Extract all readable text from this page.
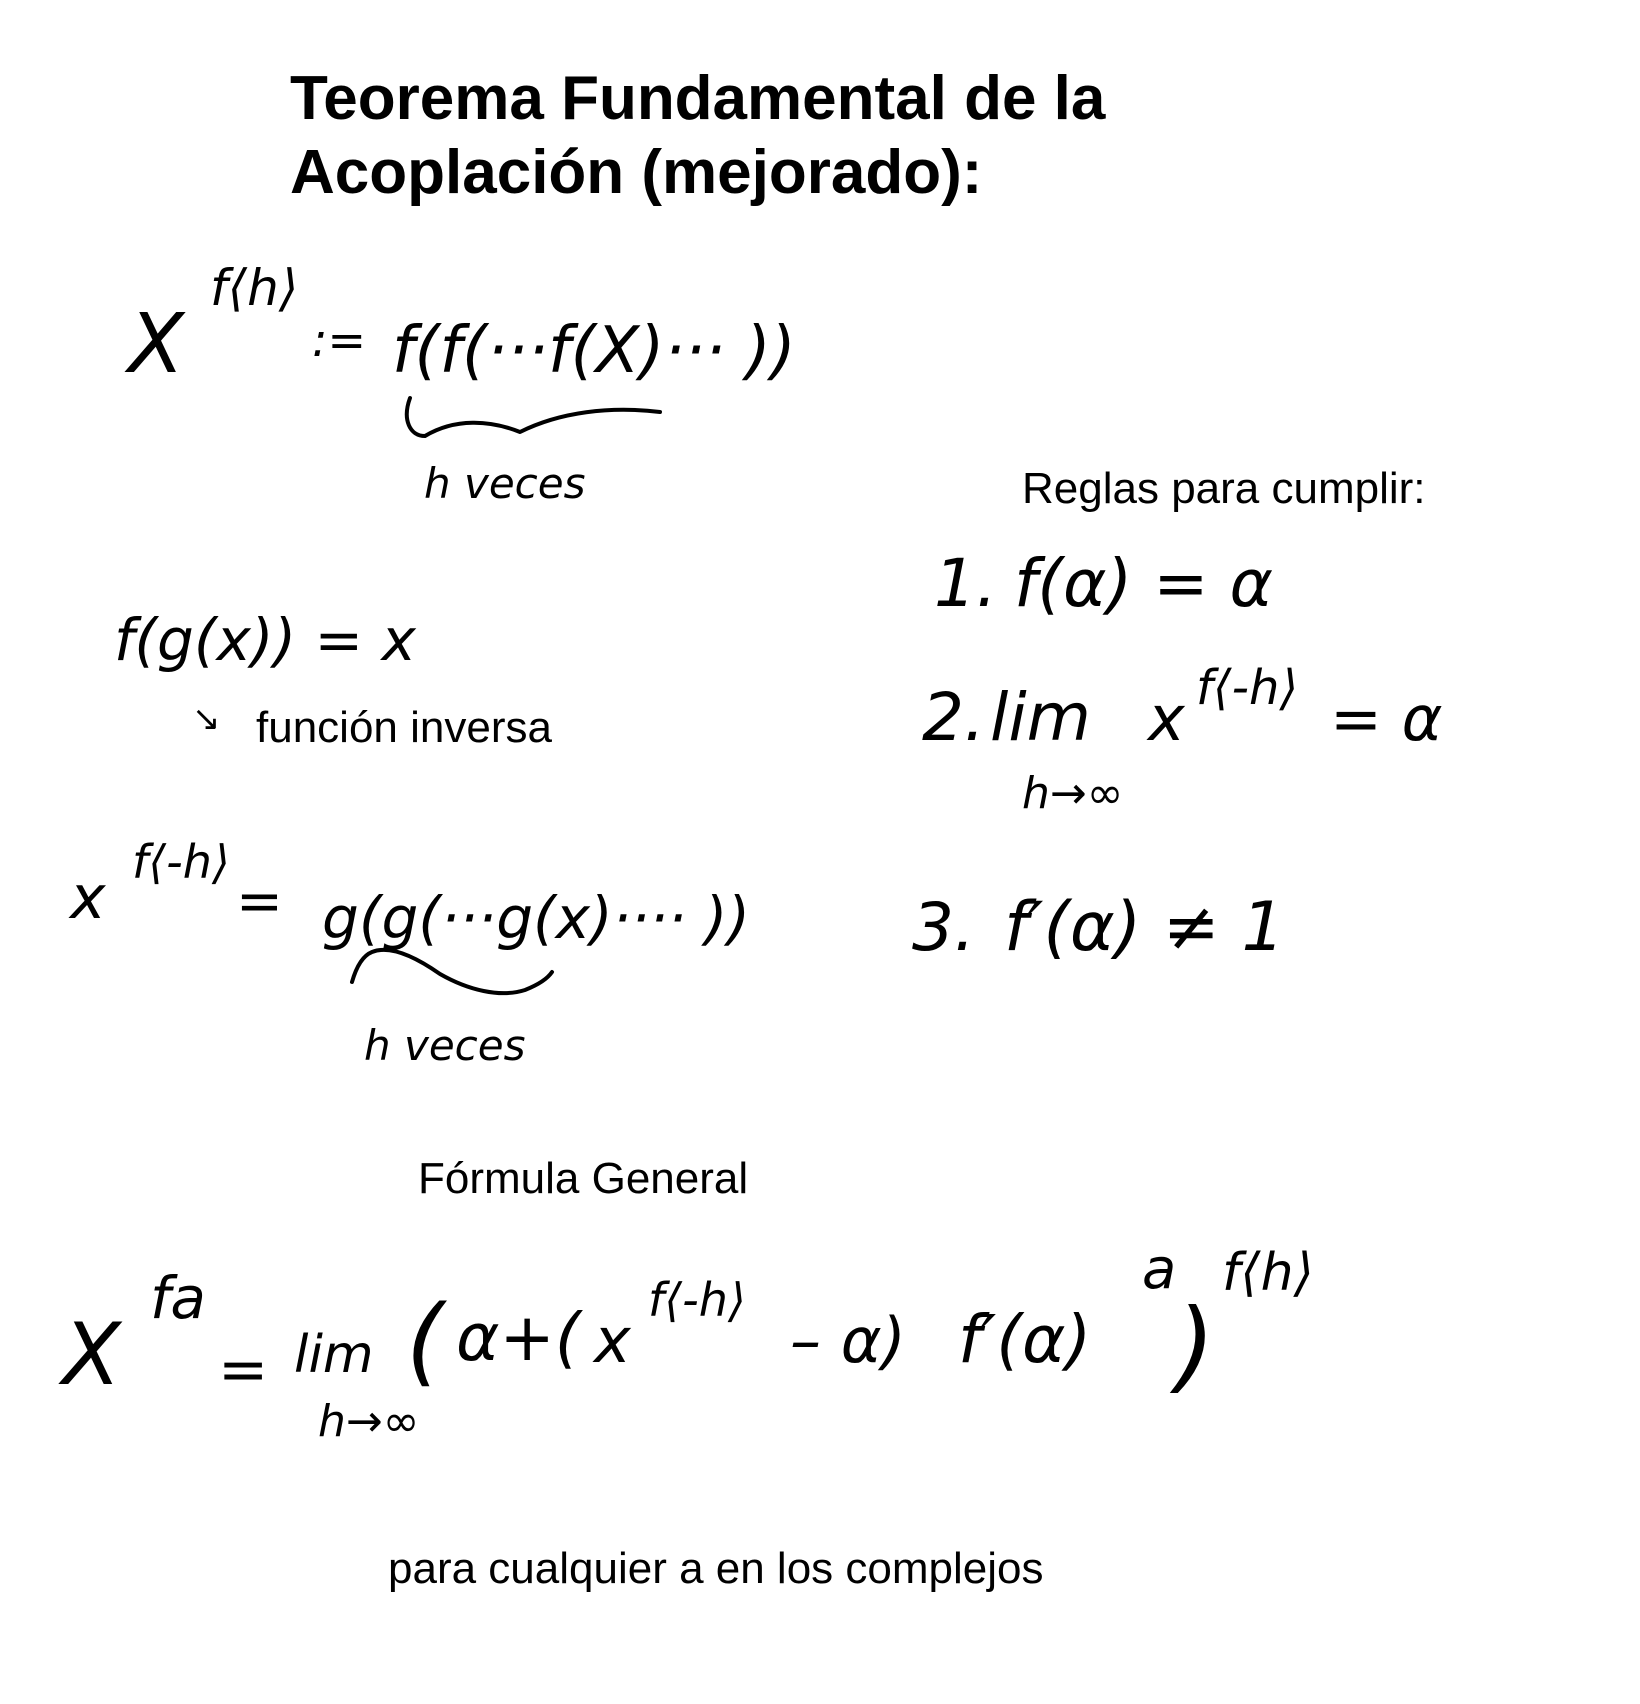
Teorema Fundamental de la
Acoplación (mejorado):
Reglas para cumplir:
función inversa
Fórmula General
para cualquier a en los complejos
X
f⟨h⟩
:= f(f(···f(X)··· ))
h veces
f(g(x)) = x
↘
x
f⟨-h⟩
= g(g(···g(x)···· ))
h veces
1. f(α) = α
2. lim
h→∞
x f⟨-h⟩ = α
3. f′(α) ≠ 1
X
fa
= lim
h→∞
( α+( x
f⟨-h⟩
– α) f′(α)
a
)
f⟨h⟩
